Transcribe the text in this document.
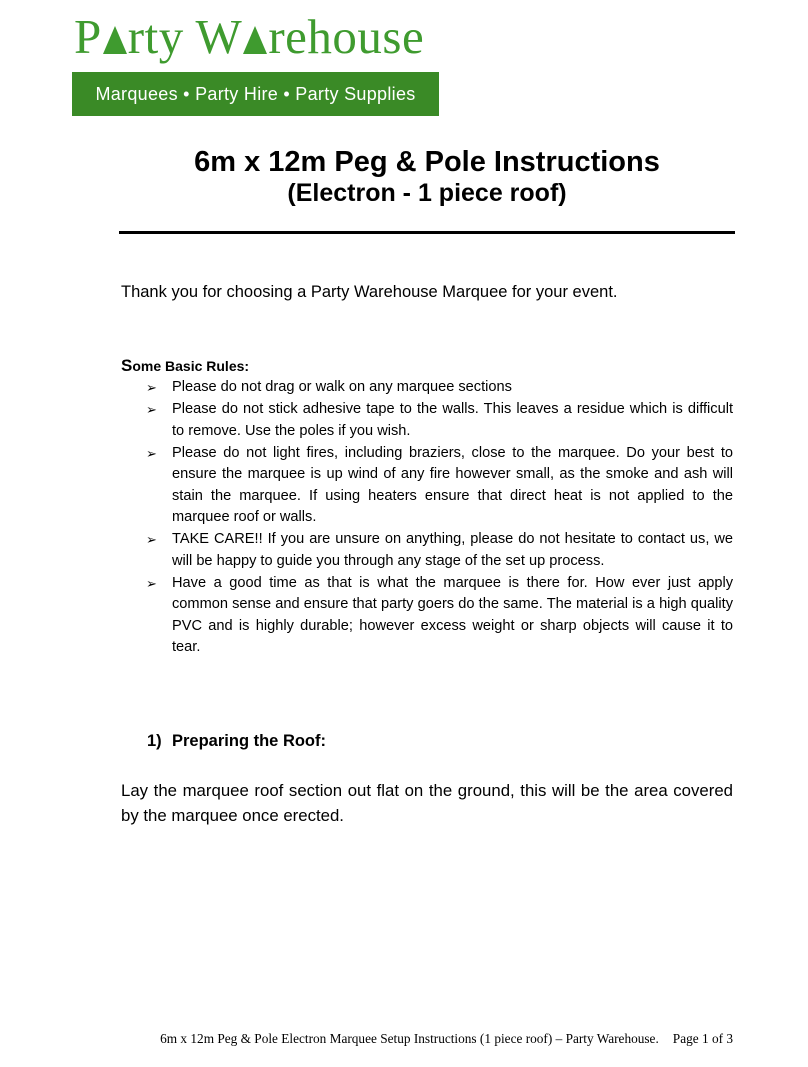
P rty W rehouse
Marquees • Party Hire • Party Supplies
6m x 12m Peg & Pole Instructions
(Electron - 1 piece roof)
Thank you for choosing a Party Warehouse Marquee for your event.
Some Basic Rules:
➢ Please do not drag or walk on any marquee sections
➢ Please do not stick adhesive tape to the walls. This leaves a residue which is difficult to remove. Use the poles if you wish.
➢ Please do not light fires, including braziers, close to the marquee. Do your best to ensure the marquee is up wind of any fire however small, as the smoke and ash will stain the marquee. If using heaters ensure that direct heat is not applied to the marquee roof or walls.
➢ TAKE CARE!! If you are unsure on anything, please do not hesitate to contact us, we will be happy to guide you through any stage of the set up process.
➢ Have a good time as that is what the marquee is there for. How ever just apply common sense and ensure that party goers do the same. The material is a high quality PVC and is highly durable; however excess weight or sharp objects will cause it to tear.
1) Preparing the Roof:
Lay the marquee roof section out flat on the ground, this will be the area covered by the marquee once erected.
6m x 12m Peg & Pole Electron Marquee Setup Instructions (1 piece roof) – Party Warehouse. Page 1 of 3
